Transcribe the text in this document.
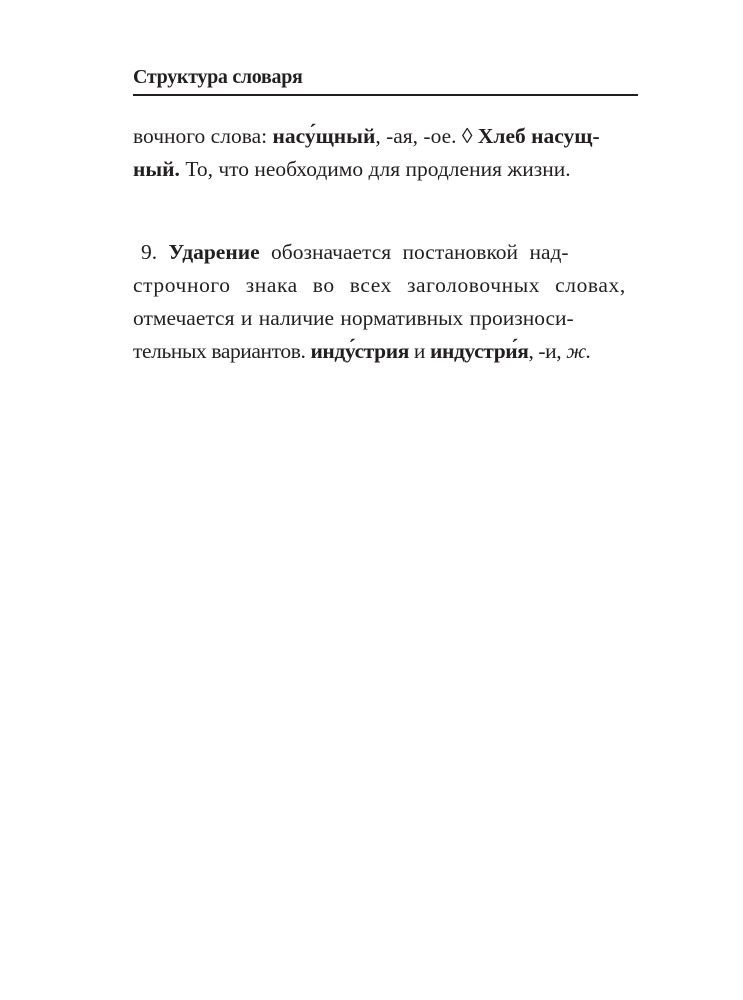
Структура словаря
вочного слова: насу́щный , -ая, -ое. ◊ Хлеб насущ-
ный. То, что необходимо для продления жизни.
9. Ударение обозначается постановкой над-
строчного знака во всех заголовочных словах,
отмечается и наличие нормативных произноси-
тельных вариантов. инду́стрия и индустри́я , -и, ж.
